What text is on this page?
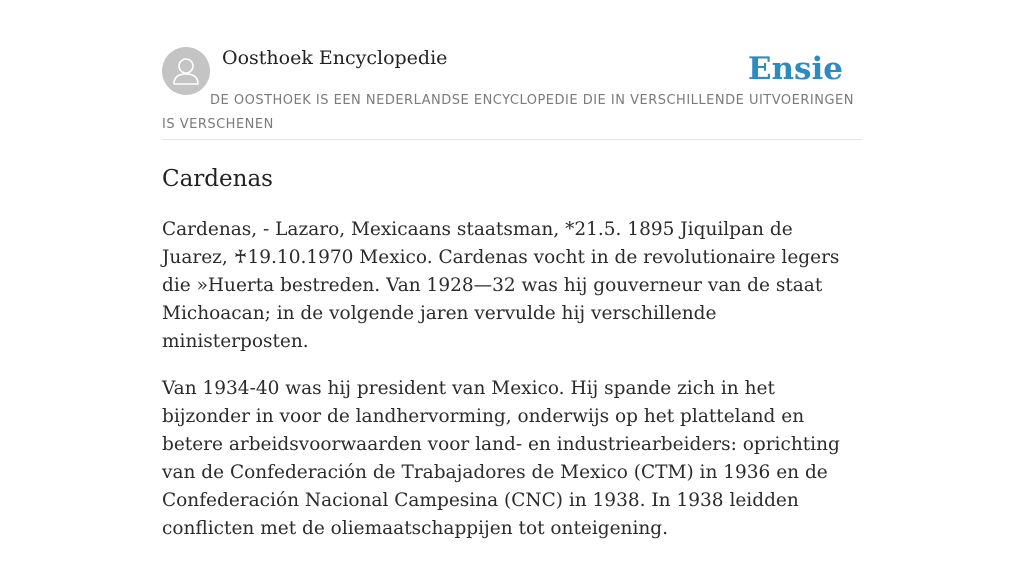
Oosthoek Encyclopedie	Ensie
DE OOSTHOEK IS EEN NEDERLANDSE ENCYCLOPEDIE DIE IN VERSCHILLENDE UITVOERINGEN IS VERSCHENEN
Cardenas

Cardenas, - Lazaro, Mexicaans staatsman, *21.5. 1895 Jiquilpan de Juarez, ♰19.10.1970 Mexico. Cardenas vocht in de revolutionaire legers die »Huerta bestreden. Van 1928—32 was hij gouverneur van de staat Michoacan; in de volgende jaren vervulde hij verschillende ministerposten.

Van 1934-40 was hij president van Mexico. Hij spande zich in het bijzonder in voor de landhervorming, onderwijs op het platteland en betere arbeidsvoorwaarden voor land- en industriearbeiders: oprichting van de Confederación de Trabajadores de Mexico (CTM) in 1936 en de Confederación Nacional Campesina (CNC) in 1938. In 1938 leidden conflicten met de oliemaatschappijen tot onteigening.
